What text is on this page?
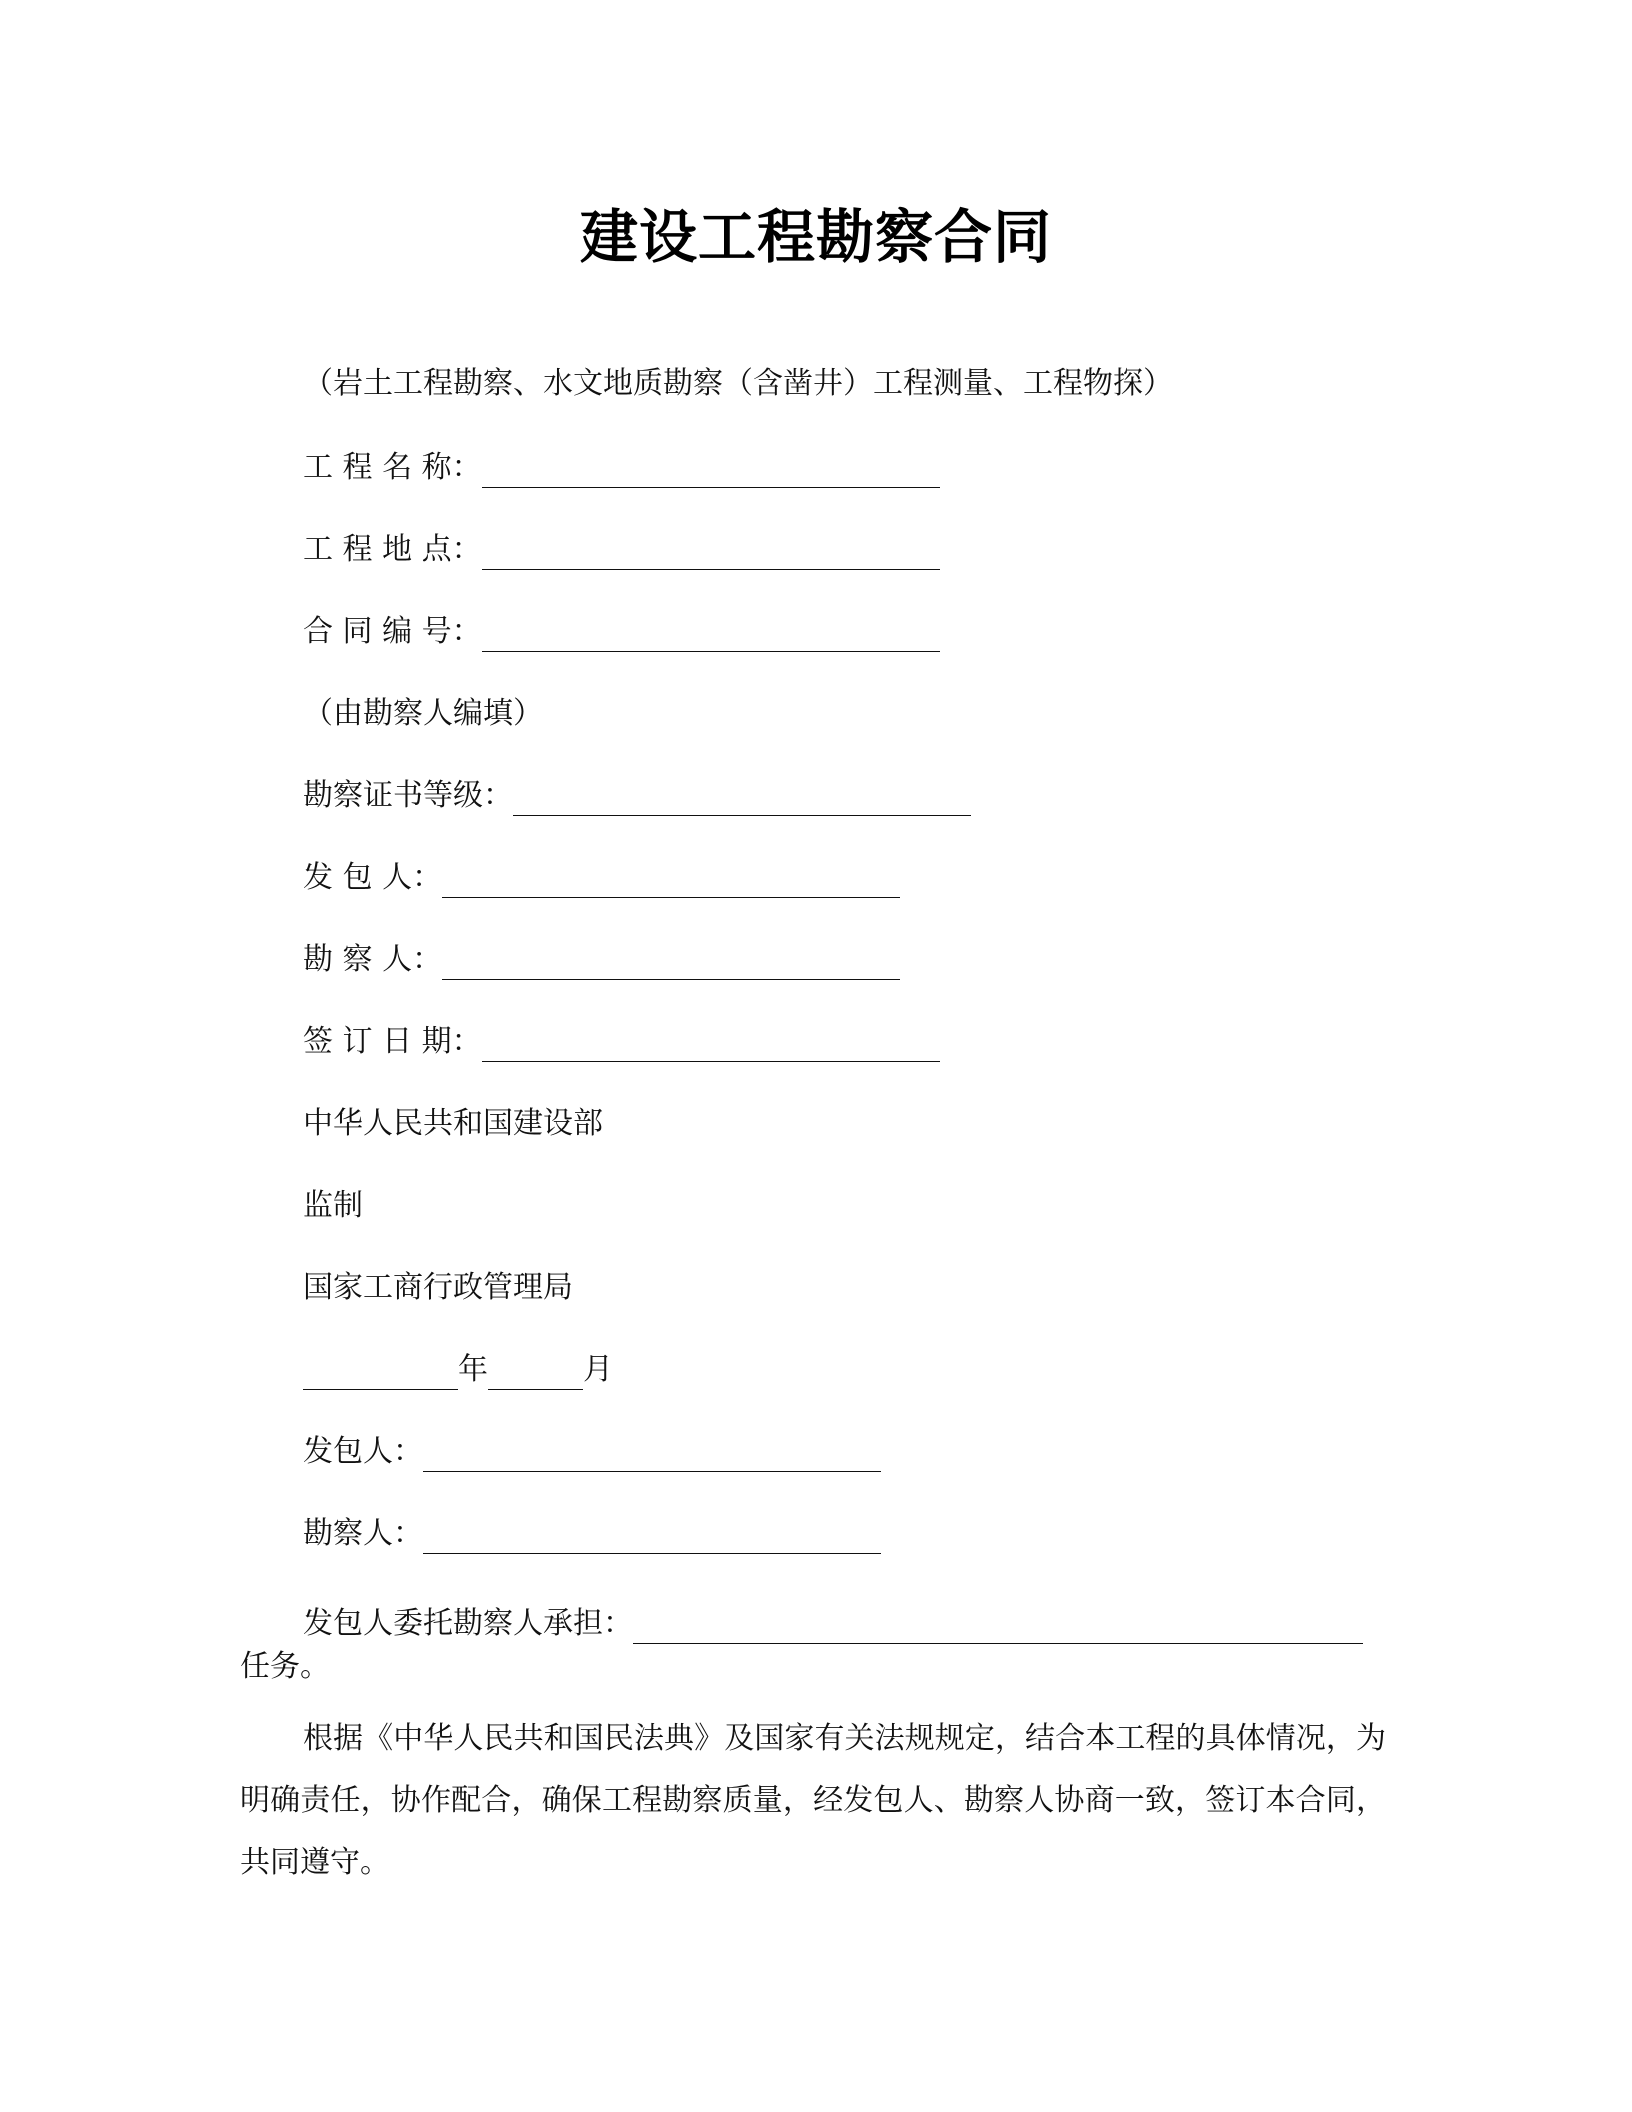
建设工程勘察合同
（岩土工程勘察、水文地质勘察（含凿井）工程测量、工程物探）
工 程 名 称：
工 程 地 点：
合 同 编 号：
（由勘察人编填）
勘察证书等级：
发 包 人：
勘 察 人：
签 订 日 期：
中华人民共和国建设部
监制
国家工商行政管理局
年	月
发包人：
勘察人：
发包人委托勘察人承担：
任务。
根据《中华人民共和国民法典》及国家有关法规规定，结合本工程的具体情况，为明确责任，协作配合，确保工程勘察质量，经发包人、勘察人协商一致，签订本合同，共同遵守。
